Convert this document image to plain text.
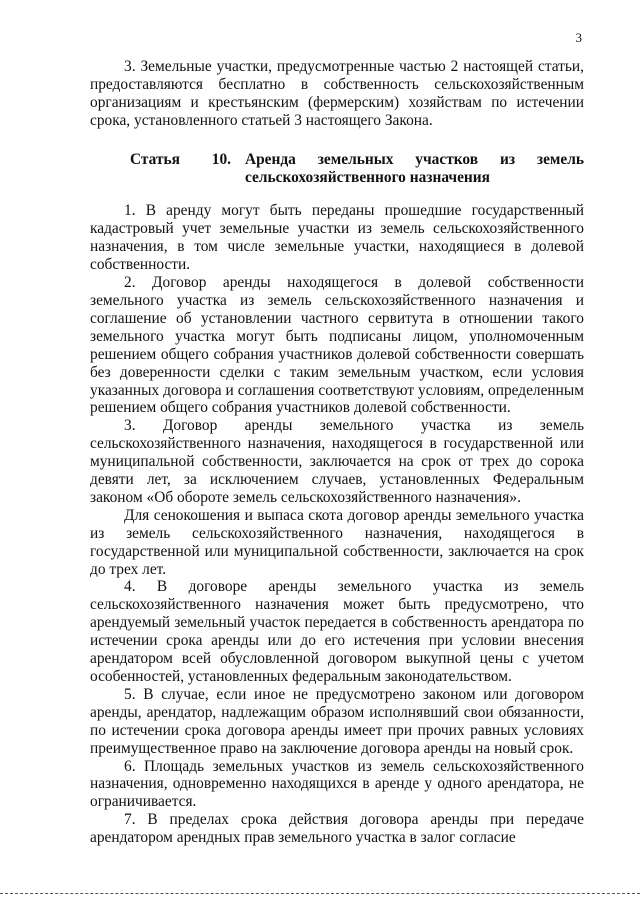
3

3. Земельные участки, предусмотренные частью 2 настоящей статьи, предоставляются бесплатно в собственность сельскохозяйственным организациям и крестьянским (фермерским) хозяйствам по истечении срока, установленного статьей 3 настоящего Закона.

Статья 10. Аренда земельных участков из земель
сельскохозяйственного назначения

1. В аренду могут быть переданы прошедшие государственный кадастровый учет земельные участки из земель сельскохозяйственного назначения, в том числе земельные участки, находящиеся в долевой собственности.

2. Договор аренды находящегося в долевой собственности земельного участка из земель сельскохозяйственного назначения и соглашение об установлении частного сервитута в отношении такого земельного участка могут быть подписаны лицом, уполномоченным решением общего собрания участников долевой собственности совершать без доверенности сделки с таким земельным участком, если условия указанных договора и соглашения соответствуют условиям, определенным решением общего собрания участников долевой собственности.

3. Договор аренды земельного участка из земель сельскохозяйственного назначения, находящегося в государственной или муниципальной собственности, заключается на срок от трех до сорока девяти лет, за исключением случаев, установленных Федеральным законом «Об обороте земель сельскохозяйственного назначения».

Для сенокошения и выпаса скота договор аренды земельного участка из земель сельскохозяйственного назначения, находящегося в государственной или муниципальной собственности, заключается на срок до трех лет.

4. В договоре аренды земельного участка из земель сельскохозяйственного назначения может быть предусмотрено, что арендуемый земельный участок передается в собственность арендатора по истечении срока аренды или до его истечения при условии внесения арендатором всей обусловленной договором выкупной цены с учетом особенностей, установленных федеральным законодательством.

5. В случае, если иное не предусмотрено законом или договором аренды, арендатор, надлежащим образом исполнявший свои обязанности, по истечении срока договора аренды имеет при прочих равных условиях преимущественное право на заключение договора аренды на новый срок.

6. Площадь земельных участков из земель сельскохозяйственного назначения, одновременно находящихся в аренде у одного арендатора, не ограничивается.

7. В пределах срока действия договора аренды при передаче арендатором арендных прав земельного участка в залог согласие
